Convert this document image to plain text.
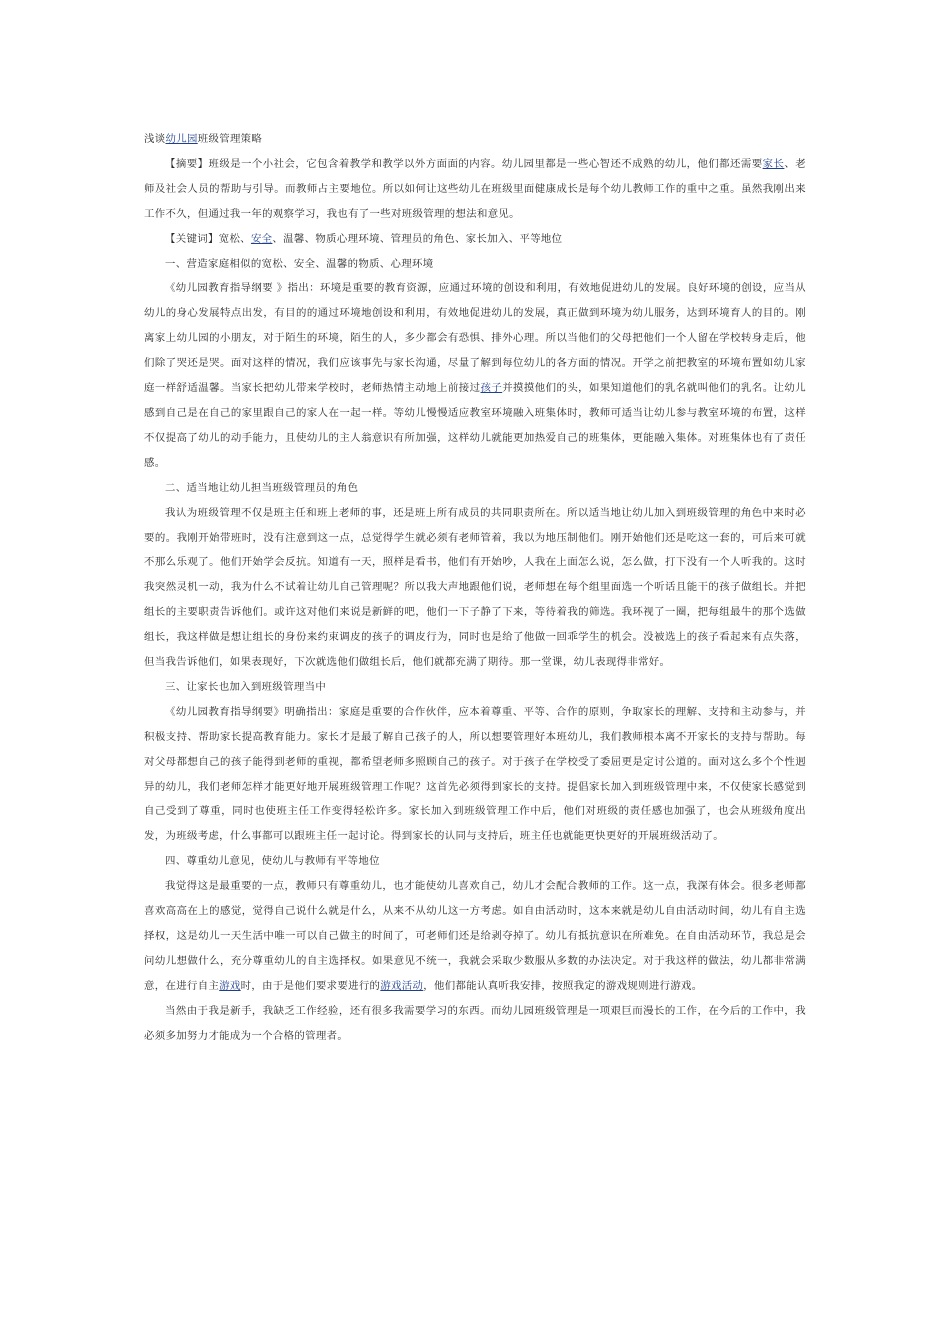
浅谈幼儿园班级管理策略

【摘要】班级是一个小社会，它包含着教学和教学以外方面面的内容。幼儿园里都是一些心智还不成熟的幼儿，他们都还需要家长、老师及社会人员的帮助与引导。而教师占主要地位。所以如何让这些幼儿在班级里面健康成长是每个幼儿教师工作的重中之重。虽然我刚出来工作不久，但通过我一年的观察学习，我也有了一些对班级管理的想法和意见。

【关键词】宽松、安全、温馨、物质心理环境、管理员的角色、家长加入、平等地位

一、营造家庭相似的宽松、安全、温馨的物质、心理环境

《幼儿园教育指导纲要 》指出：环境是重要的教育资源，应通过环境的创设和利用，有效地促进幼儿的发展。良好环境的创设，应当从幼儿的身心发展特点出发，有目的的通过环境地创设和利用，有效地促进幼儿的发展，真正做到环境为幼儿服务，达到环境育人的目的。刚离家上幼儿园的小朋友，对于陌生的环境，陌生的人，多少都会有恐惧、排外心理。所以当他们的父母把他们一个人留在学校转身走后，他们除了哭还是哭。面对这样的情况，我们应该事先与家长沟通，尽量了解到每位幼儿的各方面的情况。开学之前把教室的环境布置如幼儿家庭一样舒适温馨。当家长把幼儿带来学校时，老师热情主动地上前接过孩子并摸摸他们的头，如果知道他们的乳名就叫他们的乳名。让幼儿感到自己是在自己的家里跟自己的家人在一起一样。等幼儿慢慢适应教室环境融入班集体时，教师可适当让幼儿参与教室环境的布置，这样不仅提高了幼儿的动手能力，且使幼儿的主人翁意识有所加强，这样幼儿就能更加热爱自己的班集体，更能融入集体。对班集体也有了责任感。

二、适当地让幼儿担当班级管理员的角色

我认为班级管理不仅是班主任和班上老师的事，还是班上所有成员的共同职责所在。所以适当地让幼儿加入到班级管理的角色中来时必要的。我刚开始带班时，没有注意到这一点，总觉得学生就必须有老师管着，我以为地压制他们。刚开始他们还是吃这一套的，可后来可就不那么乐观了。他们开始学会反抗。知道有一天，照样是看书，他们有开始吵，人我在上面怎么说，怎么做，打下没有一个人听我的。这时我突然灵机一动，我为什么不试着让幼儿自己管理呢？所以我大声地跟他们说，老师想在每个组里面选一个听话且能干的孩子做组长。并把组长的主要职责告诉他们。或许这对他们来说是新鲜的吧，他们一下子静了下来，等待着我的筛选。我环视了一圈，把每组最牛的那个选做组长，我这样做是想让组长的身份来约束调皮的孩子的调皮行为，同时也是给了他做一回乖学生的机会。没被选上的孩子看起来有点失落，但当我告诉他们，如果表现好，下次就选他们做组长后，他们就都充满了期待。那一堂课，幼儿表现得非常好。

三、让家长也加入到班级管理当中

《幼儿园教育指导纲要》明确指出：家庭是重要的合作伙伴，应本着尊重、平等、合作的原则，争取家长的理解、支持和主动参与，并积极支持、帮助家长提高教育能力。家长才是最了解自己孩子的人，所以想要管理好本班幼儿，我们教师根本离不开家长的支持与帮助。每对父母都想自己的孩子能得到老师的重视，都希望老师多照顾自己的孩子。对于孩子在学校受了委屈更是定讨公道的。面对这么多个个性迥异的幼儿，我们老师怎样才能更好地开展班级管理工作呢？这首先必须得到家长的支持。提倡家长加入到班级管理中来，不仅使家长感觉到自己受到了尊重，同时也使班主任工作变得轻松许多。家长加入到班级管理工作中后，他们对班级的责任感也加强了，也会从班级角度出发，为班级考虑，什么事都可以跟班主任一起讨论。得到家长的认同与支持后，班主任也就能更快更好的开展班级活动了。

四、尊重幼儿意见，使幼儿与教师有平等地位

我觉得这是最重要的一点，教师只有尊重幼儿，也才能使幼儿喜欢自己，幼儿才会配合教师的工作。这一点，我深有体会。很多老师都喜欢高高在上的感觉，觉得自己说什么就是什么，从来不从幼儿这一方考虑。如自由活动时，这本来就是幼儿自由活动时间，幼儿有自主选择权，这是幼儿一天生活中唯一可以自己做主的时间了，可老师们还是给剥夺掉了。幼儿有抵抗意识在所难免。在自由活动环节，我总是会问幼儿想做什么，充分尊重幼儿的自主选择权。如果意见不统一，我就会采取少数服从多数的办法决定。对于我这样的做法，幼儿都非常满意，在进行自主游戏时，由于是他们要求要进行的游戏活动，他们都能认真听我安排，按照我定的游戏规则进行游戏。

当然由于我是新手，我缺乏工作经验，还有很多我需要学习的东西。而幼儿园班级管理是一项艰巨而漫长的工作，在今后的工作中，我必须多加努力才能成为一个合格的管理者。
